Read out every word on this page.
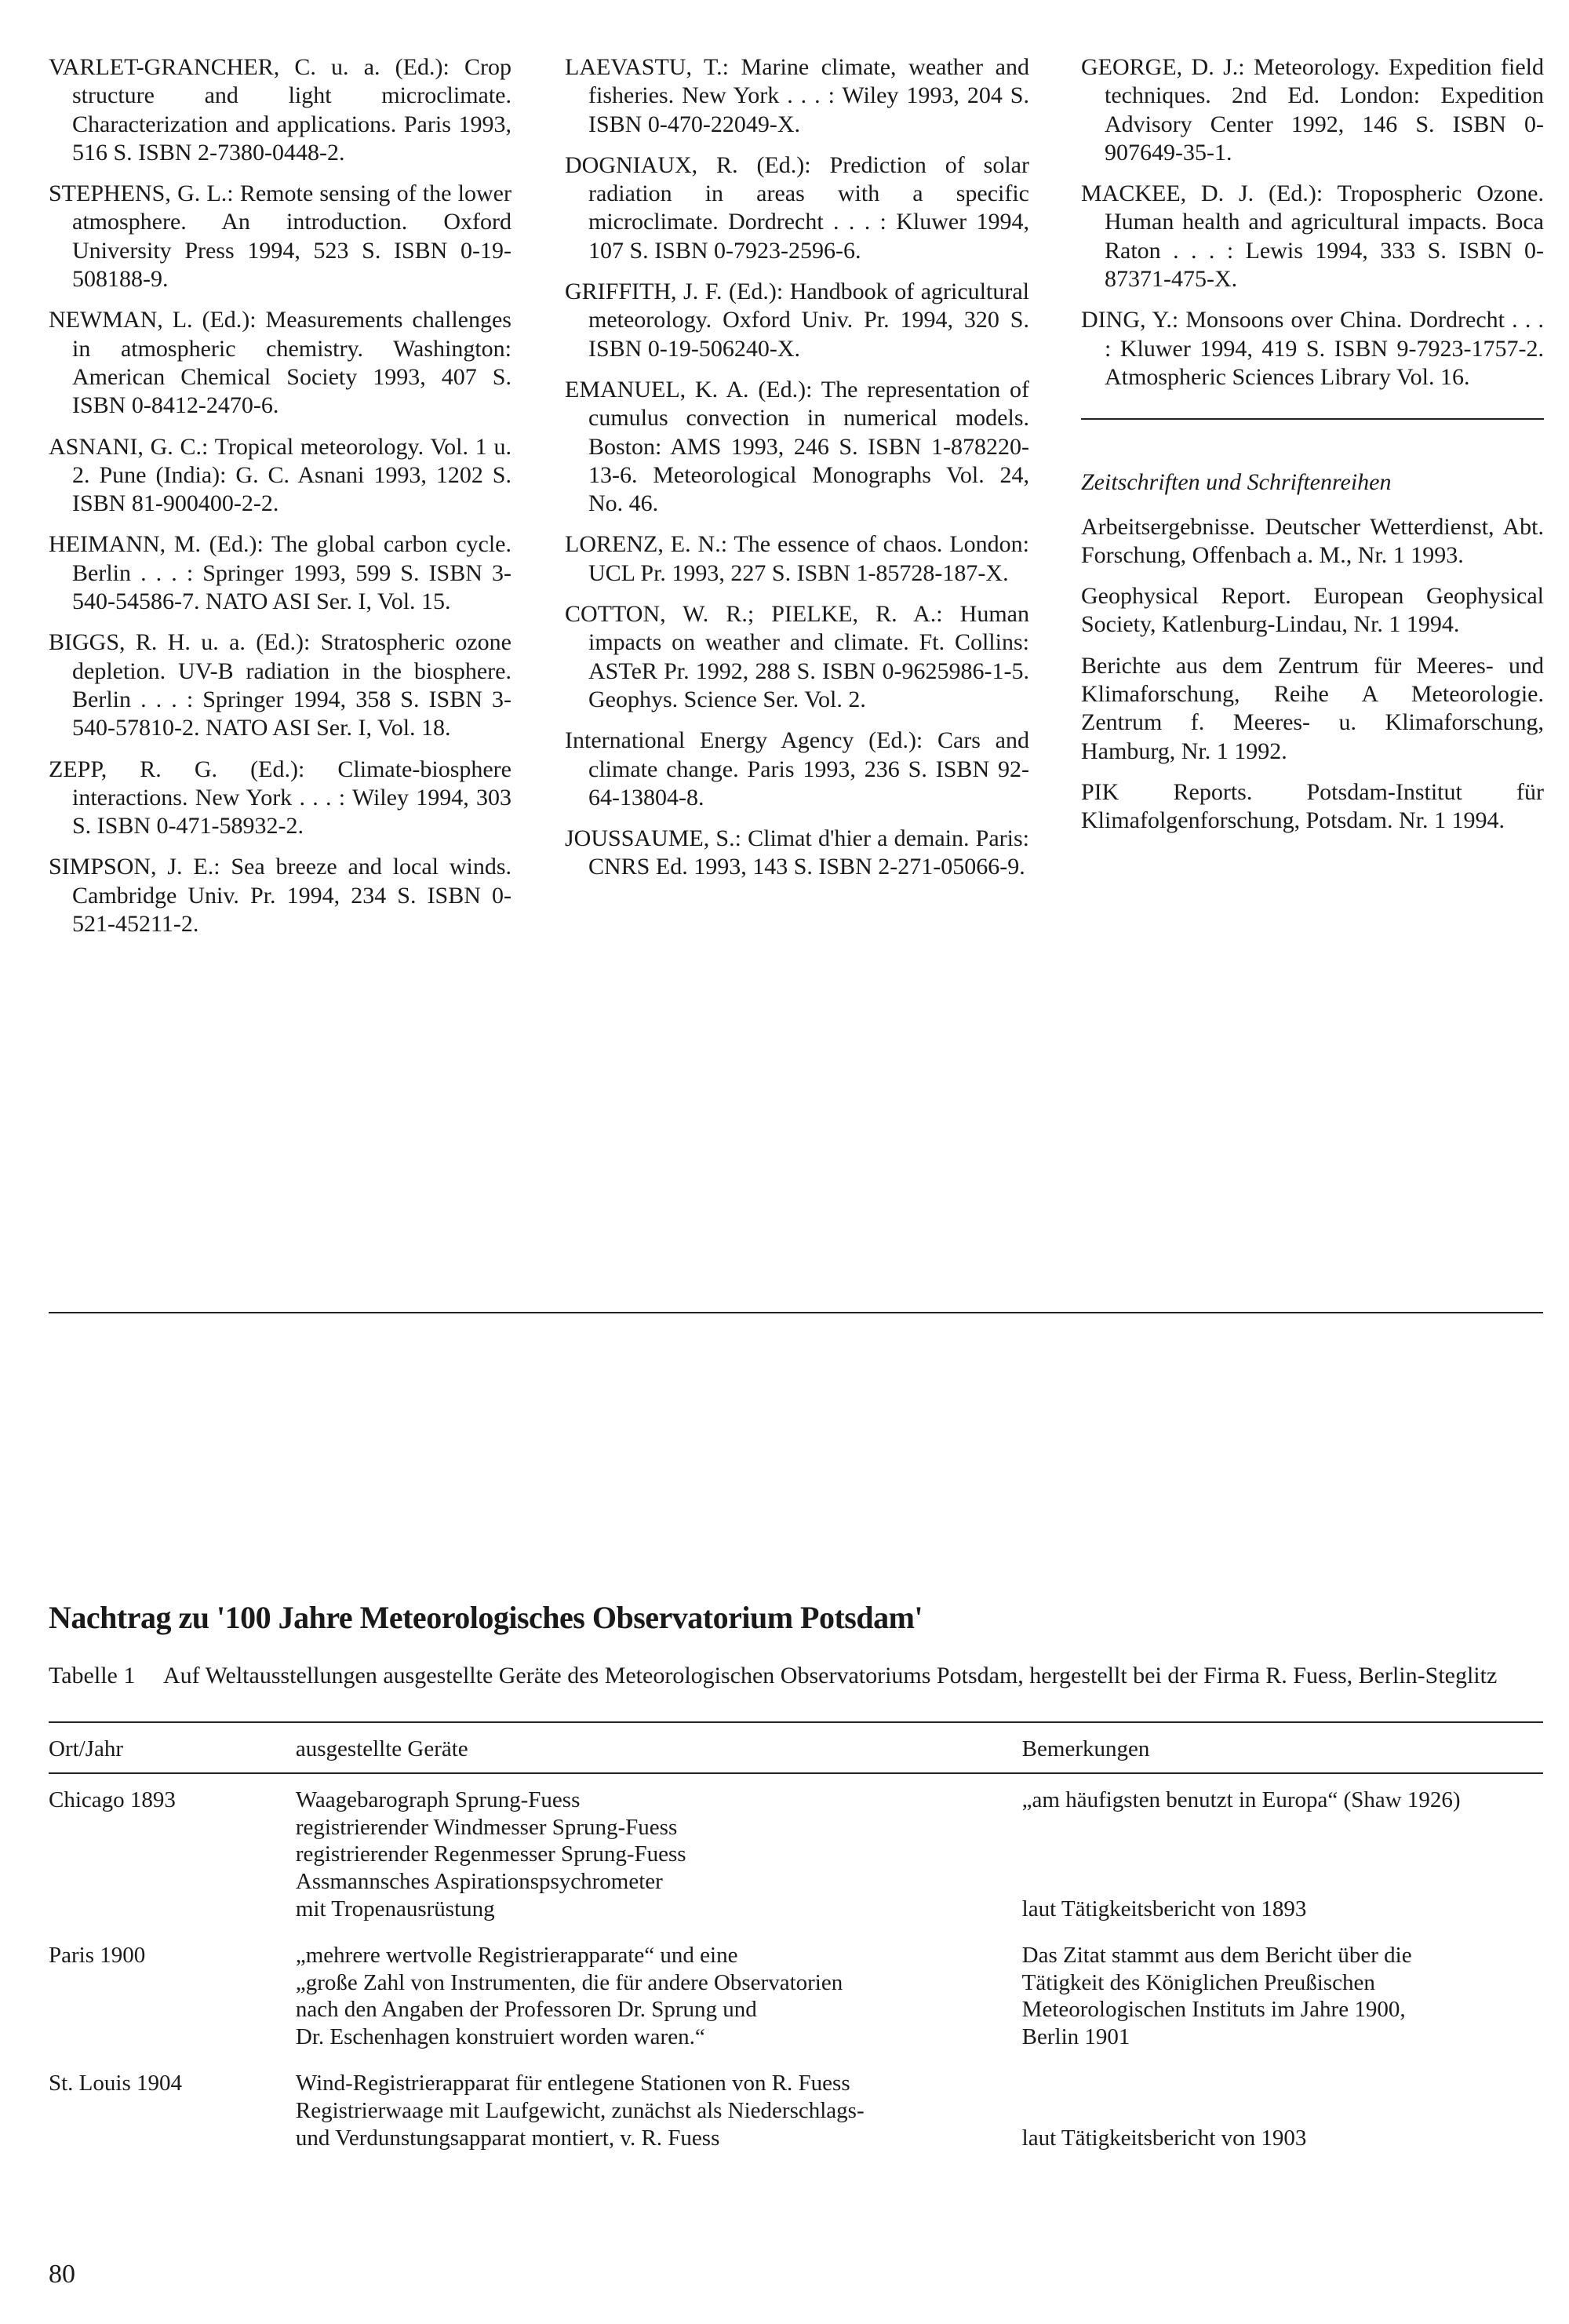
VARLET-GRANCHER, C. u. a. (Ed.): Crop structure and light microclimate. Characterization and applications. Paris 1993, 516 S. ISBN 2-7380-0448-2.

STEPHENS, G. L.: Remote sensing of the lower atmosphere. An introduction. Oxford University Press 1994, 523 S. ISBN 0-19-508188-9.

NEWMAN, L. (Ed.): Measurements challenges in atmospheric chemistry. Washington: American Chemical Society 1993, 407 S. ISBN 0-8412-2470-6.

ASNANI, G. C.: Tropical meteorology. Vol. 1 u. 2. Pune (India): G. C. Asnani 1993, 1202 S. ISBN 81-900400-2-2.

HEIMANN, M. (Ed.): The global carbon cycle. Berlin . . . : Springer 1993, 599 S. ISBN 3-540-54586-7. NATO ASI Ser. I, Vol. 15.

BIGGS, R. H. u. a. (Ed.): Stratospheric ozone depletion. UV-B radiation in the biosphere. Berlin . . . : Springer 1994, 358 S. ISBN 3-540-57810-2. NATO ASI Ser. I, Vol. 18.

ZEPP, R. G. (Ed.): Climate-biosphere interactions. New York . . . : Wiley 1994, 303 S. ISBN 0-471-58932-2.

SIMPSON, J. E.: Sea breeze and local winds. Cambridge Univ. Pr. 1994, 234 S. ISBN 0-521-45211-2.

LAEVASTU, T.: Marine climate, weather and fisheries. New York . . . : Wiley 1993, 204 S. ISBN 0-470-22049-X.

DOGNIAUX, R. (Ed.): Prediction of solar radiation in areas with a specific microclimate. Dordrecht . . . : Kluwer 1994, 107 S. ISBN 0-7923-2596-6.

GRIFFITH, J. F. (Ed.): Handbook of agricultural meteorology. Oxford Univ. Pr. 1994, 320 S. ISBN 0-19-506240-X.

EMANUEL, K. A. (Ed.): The representation of cumulus convection in numerical models. Boston: AMS 1993, 246 S. ISBN 1-878220-13-6. Meteorological Monographs Vol. 24, No. 46.

LORENZ, E. N.: The essence of chaos. London: UCL Pr. 1993, 227 S. ISBN 1-85728-187-X.

COTTON, W. R.; PIELKE, R. A.: Human impacts on weather and climate. Ft. Collins: ASTeR Pr. 1992, 288 S. ISBN 0-9625986-1-5. Geophys. Science Ser. Vol. 2.

International Energy Agency (Ed.): Cars and climate change. Paris 1993, 236 S. ISBN 92-64-13804-8.

JOUSSAUME, S.: Climat d'hier a demain. Paris: CNRS Ed. 1993, 143 S. ISBN 2-271-05066-9.

GEORGE, D. J.: Meteorology. Expedition field techniques. 2nd Ed. London: Expedition Advisory Center 1992, 146 S. ISBN 0-907649-35-1.

MACKEE, D. J. (Ed.): Tropospheric Ozone. Human health and agricultural impacts. Boca Raton . . . : Lewis 1994, 333 S. ISBN 0-87371-475-X.

DING, Y.: Monsoons over China. Dordrecht . . . : Kluwer 1994, 419 S. ISBN 9-7923-1757-2. Atmospheric Sciences Library Vol. 16.

Zeitschriften und Schriftenreihen

Arbeitsergebnisse. Deutscher Wetterdienst, Abt. Forschung, Offenbach a. M., Nr. 1 1993.

Geophysical Report. European Geophysical Society, Katlenburg-Lindau, Nr. 1 1994.

Berichte aus dem Zentrum für Meeres- und Klimaforschung, Reihe A Meteorologie. Zentrum f. Meeres- u. Klimaforschung, Hamburg, Nr. 1 1992.

PIK Reports. Potsdam-Institut für Klimafolgenforschung, Potsdam. Nr. 1 1994.

Nachtrag zu '100 Jahre Meteorologisches Observatorium Potsdam'
Tabelle 1	Auf Weltausstellungen ausgestellte Geräte des Meteorologischen Observatoriums Potsdam, hergestellt bei der Firma R. Fuess, Berlin-Steglitz
Ort/Jahr	ausgestellte Geräte	Bemerkungen
Chicago 1893	Waagebarograph Sprung-Fuess
registrierender Windmesser Sprung-Fuess
registrierender Regenmesser Sprung-Fuess
Assmannsches Aspirationspsychrometer
mit Tropenausrüstung	„am häufigsten benutzt in Europa“ (Shaw 1926)
laut Tätigkeitsbericht von 1893

Paris 1900	„mehrere wertvolle Registrierapparate“ und eine
„große Zahl von Instrumenten, die für andere Observatorien
nach den Angaben der Professoren Dr. Sprung und
Dr. Eschenhagen konstruiert worden waren.“	Das Zitat stammt aus dem Bericht über die
Tätigkeit des Königlichen Preußischen
Meteorologischen Instituts im Jahre 1900,
Berlin 1901

St. Louis 1904	Wind-Registrierapparat für entlegene Stationen von R. Fuess
Registrierwaage mit Laufgewicht, zunächst als Niederschlags-
und Verdunstungsapparat montiert, v. R. Fuess	laut Tätigkeitsbericht von 1903

80
